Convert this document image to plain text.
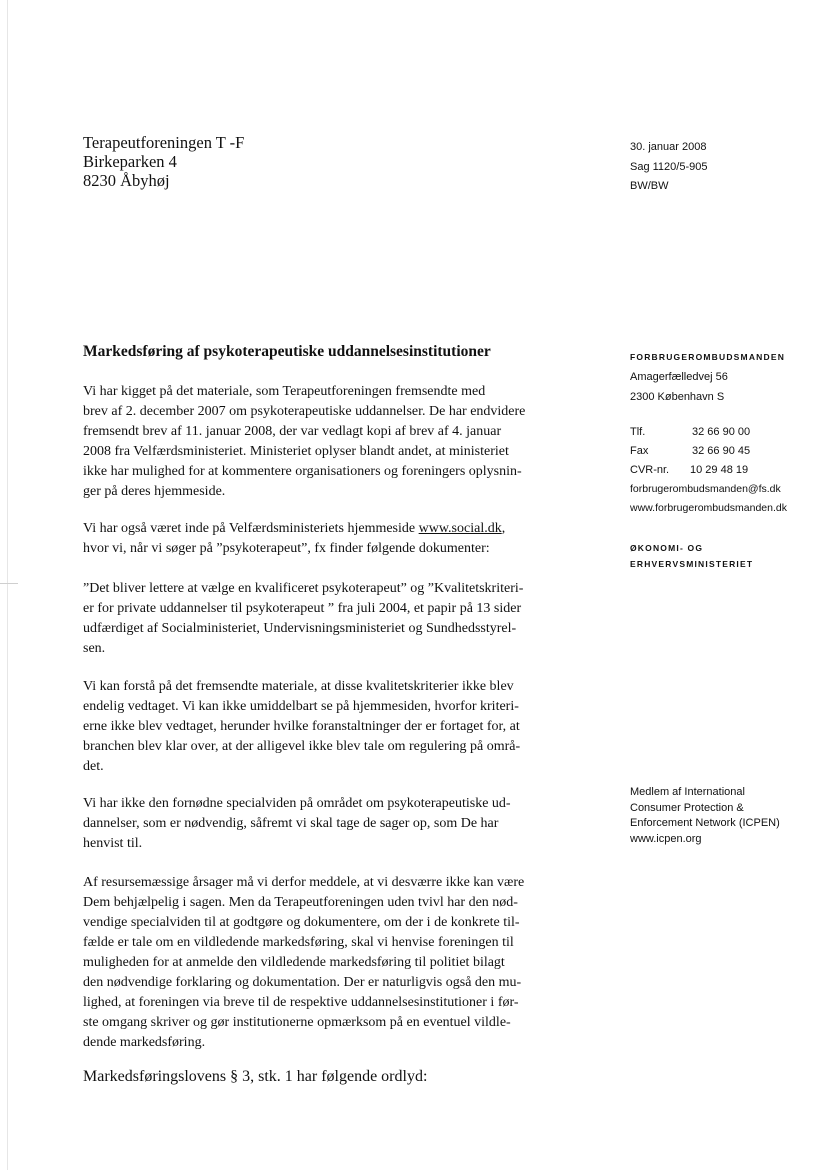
Terapeutforeningen T -F
Birkeparken 4
8230 Åbyhøj
30. januar 2008
Sag 1120/5-905
BW/BW
Markedsføring af psykoterapeutiske uddannelsesinstitutioner
Vi har kigget på det materiale, som Terapeutforeningen fremsendte med
brev af 2. december 2007 om psykoterapeutiske uddannelser. De har endvidere
fremsendt brev af 11. januar 2008, der var vedlagt kopi af brev af 4. januar
2008 fra Velfærdsministeriet. Ministeriet oplyser blandt andet, at ministeriet
ikke har mulighed for at kommentere organisationers og foreningers oplysnin-
ger på deres hjemmeside.
Vi har også været inde på Velfærdsministeriets hjemmeside www.social.dk,
hvor vi, når vi søger på ”psykoterapeut”, fx finder følgende dokumenter:
”Det bliver lettere at vælge en kvalificeret psykoterapeut” og ”Kvalitetskriteri-
er for private uddannelser til psykoterapeut ” fra juli 2004, et papir på 13 sider
udfærdiget af Socialministeriet, Undervisningsministeriet og Sundhedsstyrel-
sen.
Vi kan forstå på det fremsendte materiale, at disse kvalitetskriterier ikke blev
endelig vedtaget. Vi kan ikke umiddelbart se på hjemmesiden, hvorfor kriteri-
erne ikke blev vedtaget, herunder hvilke foranstaltninger der er fortaget for, at
branchen blev klar over, at der alligevel ikke blev tale om regulering på områ-
det.
Vi har ikke den fornødne specialviden på området om psykoterapeutiske ud-
dannelser, som er nødvendig, såfremt vi skal tage de sager op, som De har
henvist til.
Af resursemæssige årsager må vi derfor meddele, at vi desværre ikke kan være
Dem behjælpelig i sagen. Men da Terapeutforeningen uden tvivl har den nød-
vendige specialviden til at godtgøre og dokumentere, om der i de konkrete til-
fælde er tale om en vildledende markedsføring, skal vi henvise foreningen til
muligheden for at anmelde den vildledende markedsføring til politiet bilagt
den nødvendige forklaring og dokumentation. Der er naturligvis også den mu-
lighed, at foreningen via breve til de respektive uddannelsesinstitutioner i før-
ste omgang skriver og gør institutionerne opmærksom på en eventuel vildle-
dende markedsføring.
Markedsføringslovens § 3, stk. 1 har følgende ordlyd:
FORBRUGEROMBUDSMANDEN
Amagerfælledvej 56
2300 København S
Tlf.	32 66 90 00
Fax	32 66 90 45
CVR-nr. 10 29 48 19
forbrugerombudsmanden@fs.dk
www.forbrugerombudsmanden.dk
ØKONOMI- OG
ERHVERVSMINISTERIET
Medlem af International
Consumer Protection &
Enforcement Network (ICPEN)
www.icpen.org
